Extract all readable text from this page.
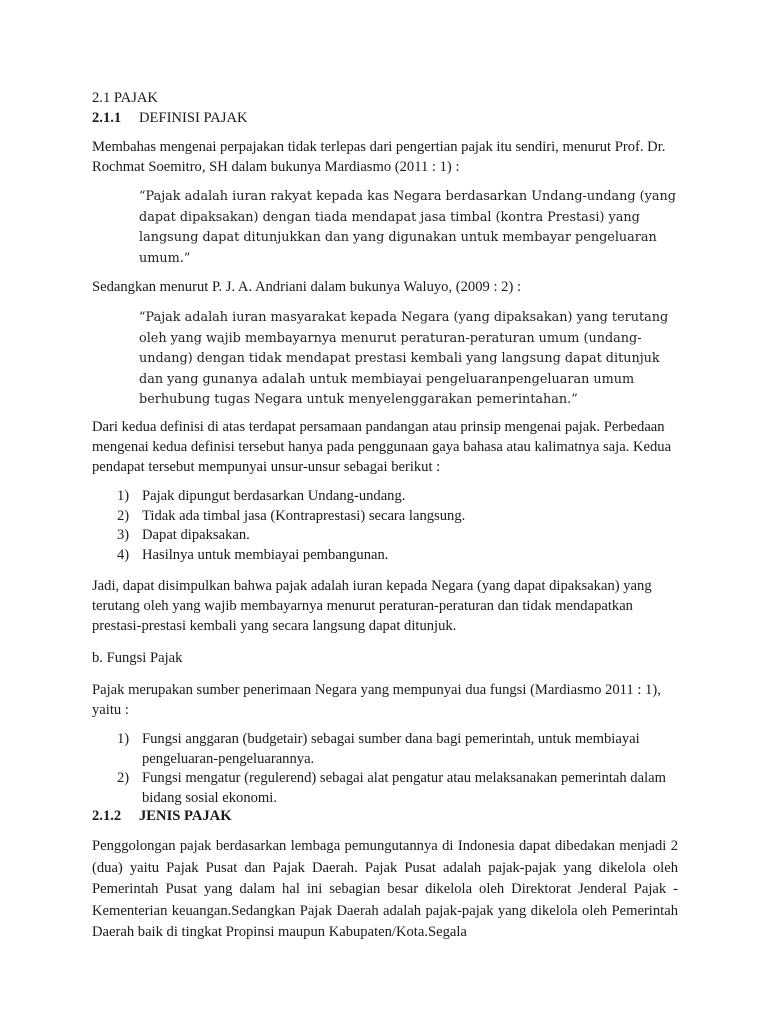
2.1 PAJAK
2.1.1 DEFINISI PAJAK
Membahas mengenai perpajakan tidak terlepas dari pengertian pajak itu sendiri, menurut Prof. Dr. Rochmat Soemitro, SH dalam bukunya Mardiasmo (2011 : 1) :
“Pajak adalah iuran rakyat kepada kas Negara berdasarkan Undang-undang (yang dapat dipaksakan) dengan tiada mendapat jasa timbal (kontra Prestasi) yang langsung dapat ditunjukkan dan yang digunakan untuk membayar pengeluaran umum.”
Sedangkan menurut P. J. A. Andriani dalam bukunya Waluyo, (2009 : 2) :
“Pajak adalah iuran masyarakat kepada Negara (yang dipaksakan) yang terutang oleh yang wajib membayarnya menurut peraturan-peraturan umum (undang-undang) dengan tidak mendapat prestasi kembali yang langsung dapat ditunjuk dan yang gunanya adalah untuk membiayai pengeluaranpengeluaran umum berhubung tugas Negara untuk menyelenggarakan pemerintahan.”
Dari kedua definisi di atas terdapat persamaan pandangan atau prinsip mengenai pajak. Perbedaan mengenai kedua definisi tersebut hanya pada penggunaan gaya bahasa atau kalimatnya saja. Kedua pendapat tersebut mempunyai unsur-unsur sebagai berikut :
1) Pajak dipungut berdasarkan Undang-undang.
2) Tidak ada timbal jasa (Kontraprestasi) secara langsung.
3) Dapat dipaksakan.
4) Hasilnya untuk membiayai pembangunan.
Jadi, dapat disimpulkan bahwa pajak adalah iuran kepada Negara (yang dapat dipaksakan) yang terutang oleh yang wajib membayarnya menurut peraturan-peraturan dan tidak mendapatkan prestasi-prestasi kembali yang secara langsung dapat ditunjuk.
b. Fungsi Pajak
Pajak merupakan sumber penerimaan Negara yang mempunyai dua fungsi (Mardiasmo 2011 : 1), yaitu :
1) Fungsi anggaran (budgetair) sebagai sumber dana bagi pemerintah, untuk membiayai pengeluaran-pengeluarannya.
2) Fungsi mengatur (regulerend) sebagai alat pengatur atau melaksanakan pemerintah dalam bidang sosial ekonomi.
2.1.2 JENIS PAJAK
Penggolongan pajak berdasarkan lembaga pemungutannya di Indonesia dapat dibedakan menjadi 2 (dua) yaitu Pajak Pusat dan Pajak Daerah. Pajak Pusat adalah pajak-pajak yang dikelola oleh Pemerintah Pusat yang dalam hal ini sebagian besar dikelola oleh Direktorat Jenderal Pajak - Kementerian keuangan.Sedangkan Pajak Daerah adalah pajak-pajak yang dikelola oleh Pemerintah Daerah baik di tingkat Propinsi maupun Kabupaten/Kota.Segala
